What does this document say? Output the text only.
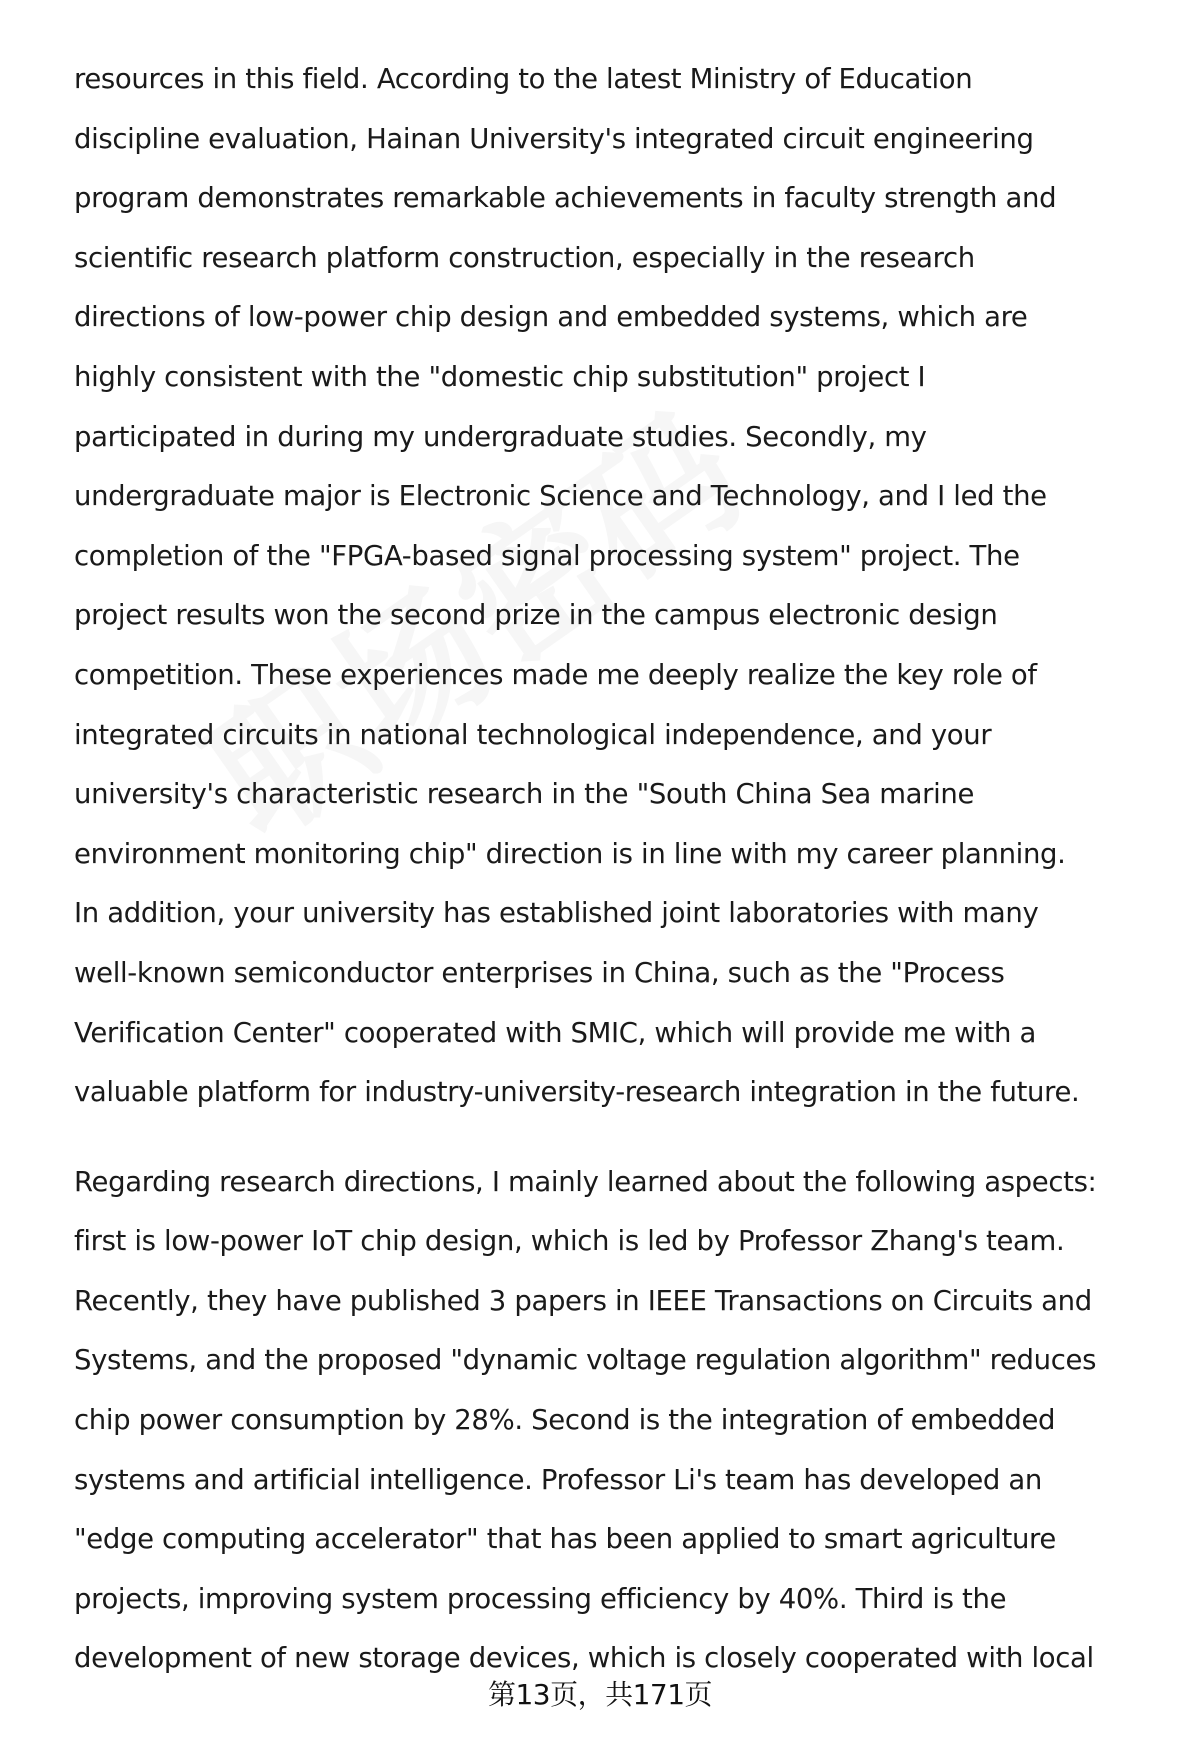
resources in this field. According to the latest Ministry of Education
discipline evaluation, Hainan University's integrated circuit engineering
program demonstrates remarkable achievements in faculty strength and
scientific research platform construction, especially in the research
directions of low-power chip design and embedded systems, which are
highly consistent with the "domestic chip substitution" project I
participated in during my undergraduate studies. Secondly, my
undergraduate major is Electronic Science and Technology, and I led the
completion of the "FPGA-based signal processing system" project. The
project results won the second prize in the campus electronic design
competition. These experiences made me deeply realize the key role of
integrated circuits in national technological independence, and your
university's characteristic research in the "South China Sea marine
environment monitoring chip" direction is in line with my career planning.
In addition, your university has established joint laboratories with many
well-known semiconductor enterprises in China, such as the "Process
Verification Center" cooperated with SMIC, which will provide me with a
valuable platform for industry-university-research integration in the future.

Regarding research directions, I mainly learned about the following aspects:
first is low-power IoT chip design, which is led by Professor Zhang's team.
Recently, they have published 3 papers in IEEE Transactions on Circuits and
Systems, and the proposed "dynamic voltage regulation algorithm" reduces
chip power consumption by 28%. Second is the integration of embedded
systems and artificial intelligence. Professor Li's team has developed an
"edge computing accelerator" that has been applied to smart agriculture
projects, improving system processing efficiency by 40%. Third is the
development of new storage devices, which is closely cooperated with local

第13页，共171页
